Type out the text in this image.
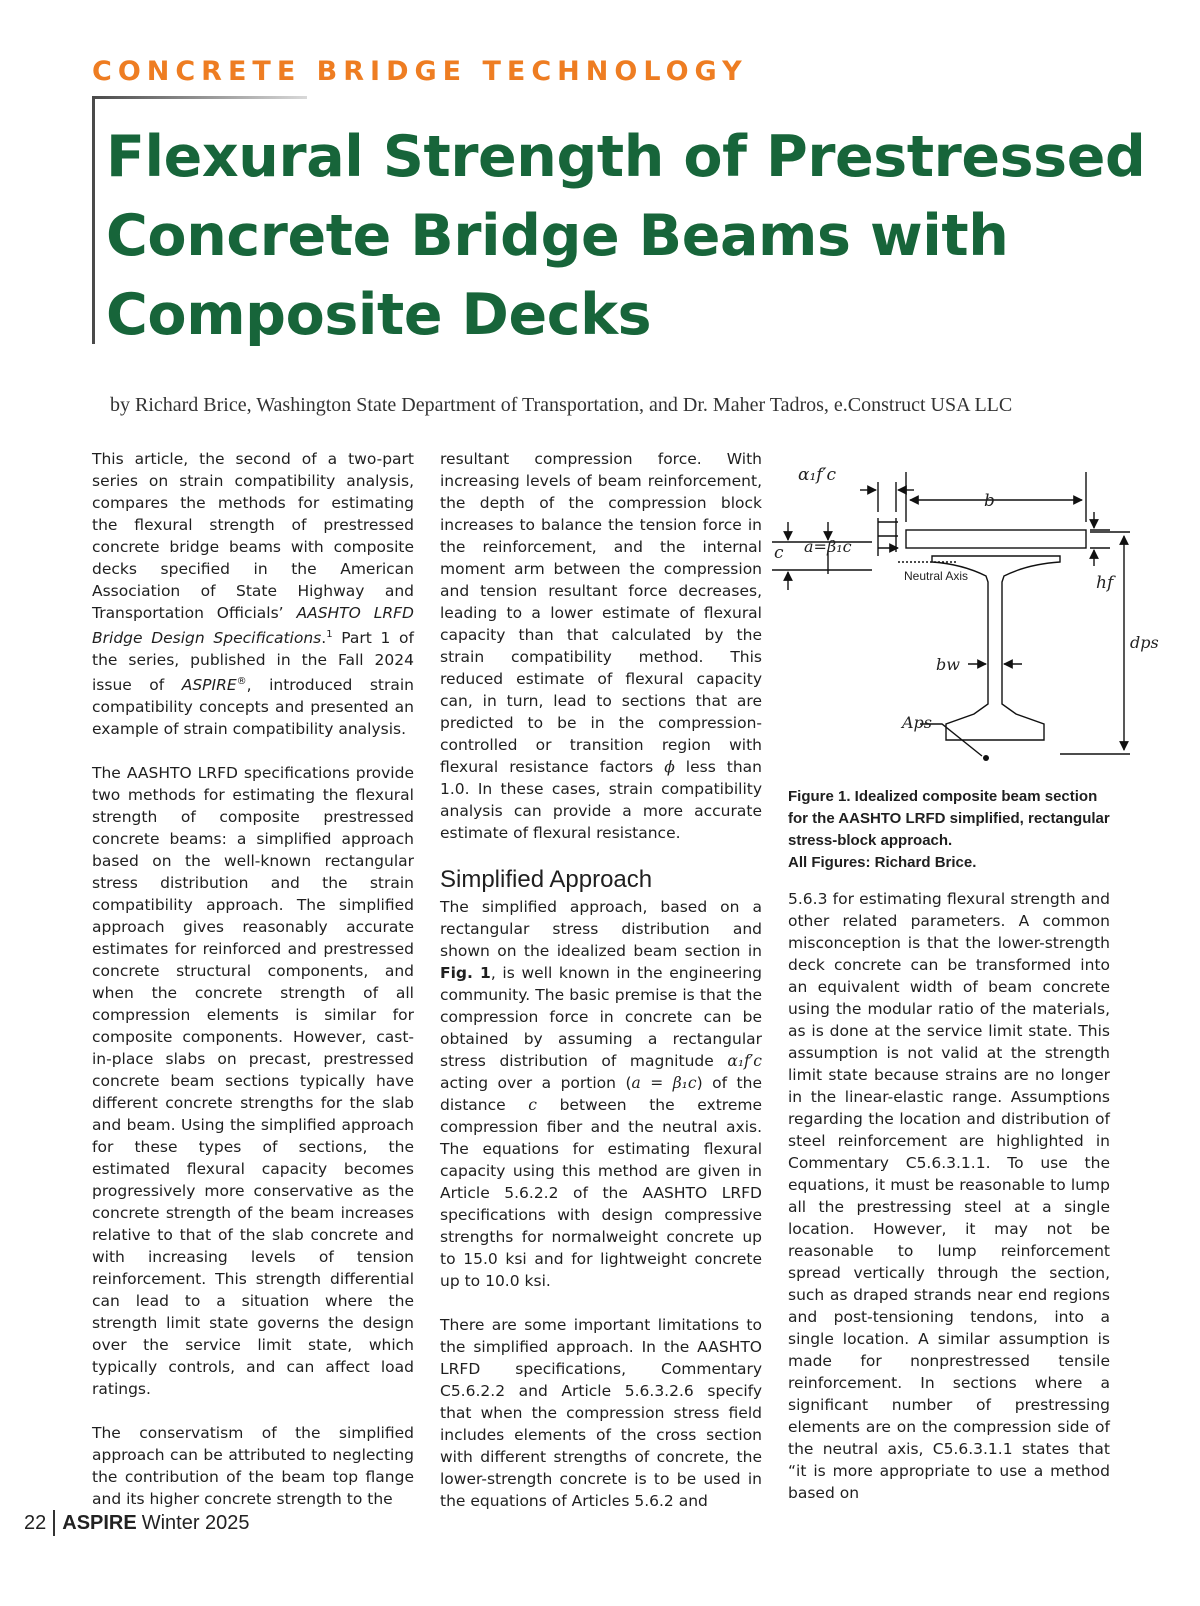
CONCRETE BRIDGE TECHNOLOGY
Flexural Strength of Prestressed Concrete Bridge Beams with Composite Decks
by Richard Brice, Washington State Department of Transportation, and Dr. Maher Tadros, e.Construct USA LLC

This article, the second of a two-part series on strain compatibility analysis, compares the methods for estimating the flexural strength of prestressed concrete bridge beams with composite decks specified in the American Association of State Highway and Transportation Officials’ AASHTO LRFD Bridge Design Specifications.$^1$ Part 1 of the series, published in the Fall 2024 issue of ASPIRE®, introduced strain compatibility concepts and presented an example of strain compatibility analysis.

The AASHTO LRFD specifications provide two methods for estimating the flexural strength of composite prestressed concrete beams: a simplified approach based on the well-known rectangular stress distribution and the strain compatibility approach. The simplified approach gives reasonably accurate estimates for reinforced and prestressed concrete structural components, and when the concrete strength of all compression elements is similar for composite components. However, cast-in-place slabs on precast, prestressed concrete beam sections typically have different concrete strengths for the slab and beam. Using the simplified approach for these types of sections, the estimated flexural capacity becomes progressively more conservative as the concrete strength of the beam increases relative to that of the slab concrete and with increasing levels of tension reinforcement. This strength differential can lead to a situation where the strength limit state governs the design over the service limit state, which typically controls, and can affect load ratings.

The conservatism of the simplified approach can be attributed to neglecting the contribution of the beam top flange and its higher concrete strength to the

resultant compression force. With increasing levels of beam reinforcement, the depth of the compression block increases to balance the tension force in the reinforcement, and the internal moment arm between the compression and tension resultant force decreases, leading to a lower estimate of flexural capacity than that calculated by the strain compatibility method. This reduced estimate of flexural capacity can, in turn, lead to sections that are predicted to be in the compression-controlled or transition region with flexural resistance factors ϕ less than 1.0. In these cases, strain compatibility analysis can provide a more accurate estimate of flexural resistance.

Simplified Approach

The simplified approach, based on a rectangular stress distribution and shown on the idealized beam section in Fig. 1, is well known in the engineering community. The basic premise is that the compression force in concrete can be obtained by assuming a rectangular stress distribution of magnitude α₁f′c acting over a portion (a = β₁c) of the distance c between the extreme compression fiber and the neutral axis. The equations for estimating flexural capacity using this method are given in Article 5.6.2.2 of the AASHTO LRFD specifications with design compressive strengths for normalweight concrete up to 15.0 ksi and for lightweight concrete up to 10.0 ksi.

There are some important limitations to the simplified approach. In the AASHTO LRFD specifications, Commentary C5.6.2.2 and Article 5.6.3.2.6 specify that when the compression stress field includes elements of the cross section with different strengths of concrete, the lower-strength concrete is to be used in the equations of Articles 5.6.2 and

α₁f′c
b
c a=β₁c
hf
dps
bw
Aps
Neutral Axis
Figure 1. Idealized composite beam section for the AASHTO LRFD simplified, rectangular stress-block approach.
All Figures: Richard Brice.

5.6.3 for estimating flexural strength and other related parameters. A common misconception is that the lower-strength deck concrete can be transformed into an equivalent width of beam concrete using the modular ratio of the materials, as is done at the service limit state. This assumption is not valid at the strength limit state because strains are no longer in the linear-elastic range. Assumptions regarding the location and distribution of steel reinforcement are highlighted in Commentary C5.6.3.1.1. To use the equations, it must be reasonable to lump all the prestressing steel at a single location. However, it may not be reasonable to lump reinforcement spread vertically through the section, such as draped strands near end regions and post-tensioning tendons, into a single location. A similar assumption is made for nonprestressed tensile reinforcement. In sections where a significant number of prestressing elements are on the compression side of the neutral axis, C5.6.3.1.1 states that “it is more appropriate to use a method based on

22 ASPIRE Winter 2025
